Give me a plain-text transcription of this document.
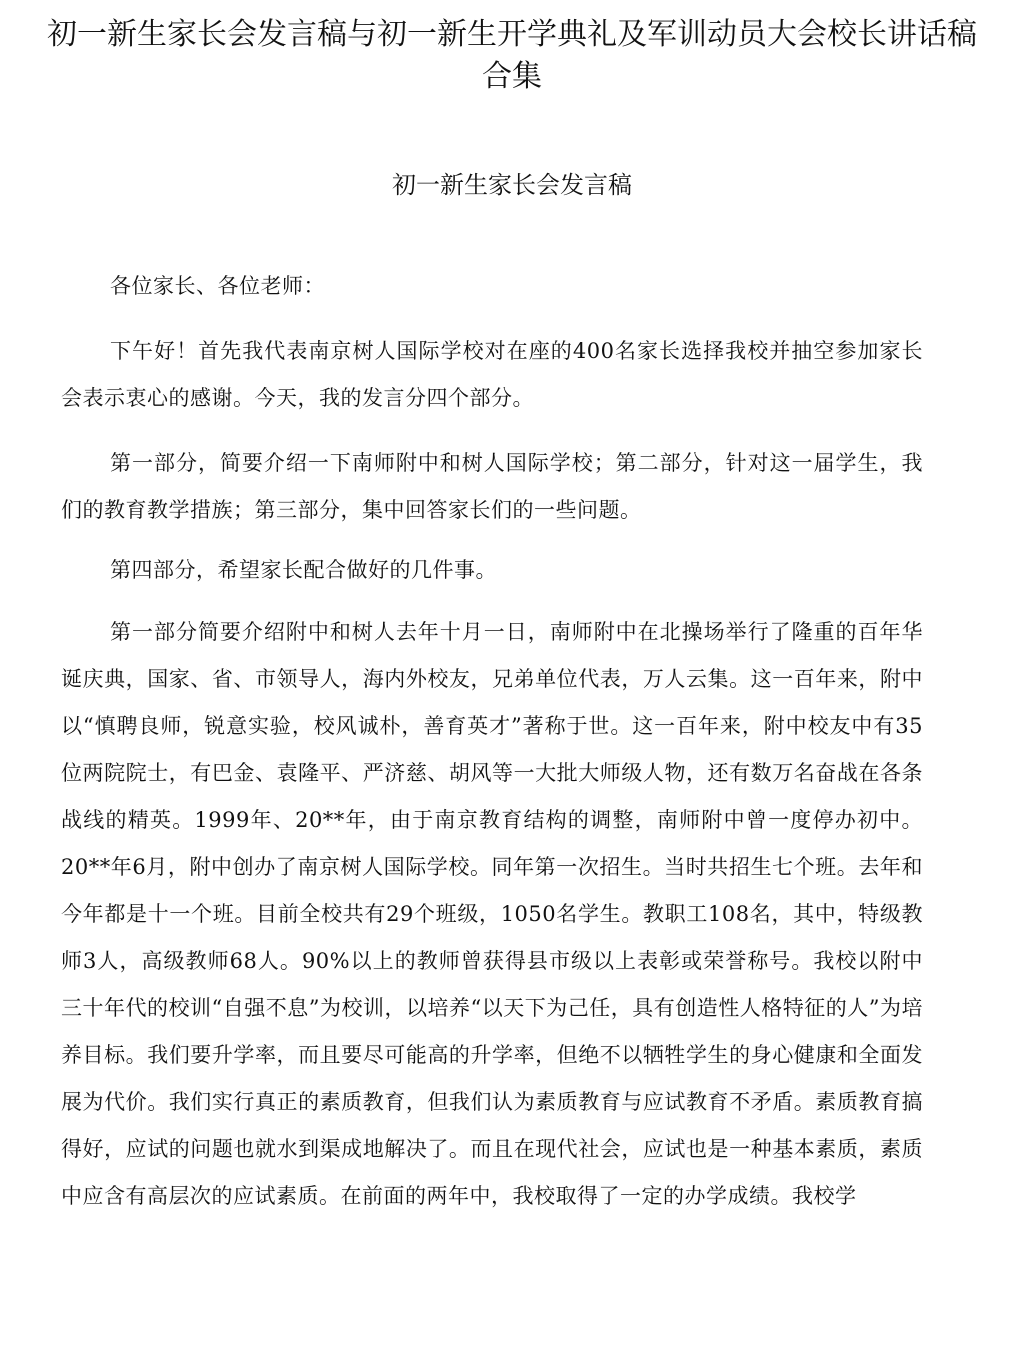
初一新生家长会发言稿与初一新生开学典礼及军训动员大会校长讲话稿合集
初一新生家长会发言稿

各位家长、各位老师：

下午好！首先我代表南京树人国际学校对在座的400名家长选择我校并抽空参加家长会表示衷心的感谢。今天，我的发言分四个部分。

第一部分，简要介绍一下南师附中和树人国际学校；第二部分，针对这一届学生，我们的教育教学措族；第三部分，集中回答家长们的一些问题。

第四部分，希望家长配合做好的几件事。

第一部分简要介绍附中和树人去年十月一日，南师附中在北操场举行了隆重的百年华诞庆典，国家、省、市领导人，海内外校友，兄弟单位代表，万人云集。这一百年来，附中以“慎聘良师，锐意实验，校风诚朴，善育英才”著称于世。这一百年来，附中校友中有35位两院院士，有巴金、袁隆平、严济慈、胡风等一大批大师级人物，还有数万名奋战在各条战线的精英。1999年、20**年，由于南京教育结构的调整，南师附中曾一度停办初中。20**年6月，附中创办了南京树人国际学校。同年第一次招生。当时共招生七个班。去年和今年都是十一个班。目前全校共有29个班级，1050名学生。教职工108名，其中，特级教师3人，高级教师68人。90%以上的教师曾获得县市级以上表彰或荣誉称号。我校以附中三十年代的校训“自强不息”为校训，以培养“以天下为己任，具有创造性人格特征的人”为培养目标。我们要升学率，而且要尽可能高的升学率，但绝不以牺牲学生的身心健康和全面发展为代价。我们实行真正的素质教育，但我们认为素质教育与应试教育不矛盾。素质教育搞得好，应试的问题也就水到渠成地解决了。而且在现代社会，应试也是一种基本素质，素质中应含有高层次的应试素质。在前面的两年中，我校取得了一定的办学成绩。我校学
